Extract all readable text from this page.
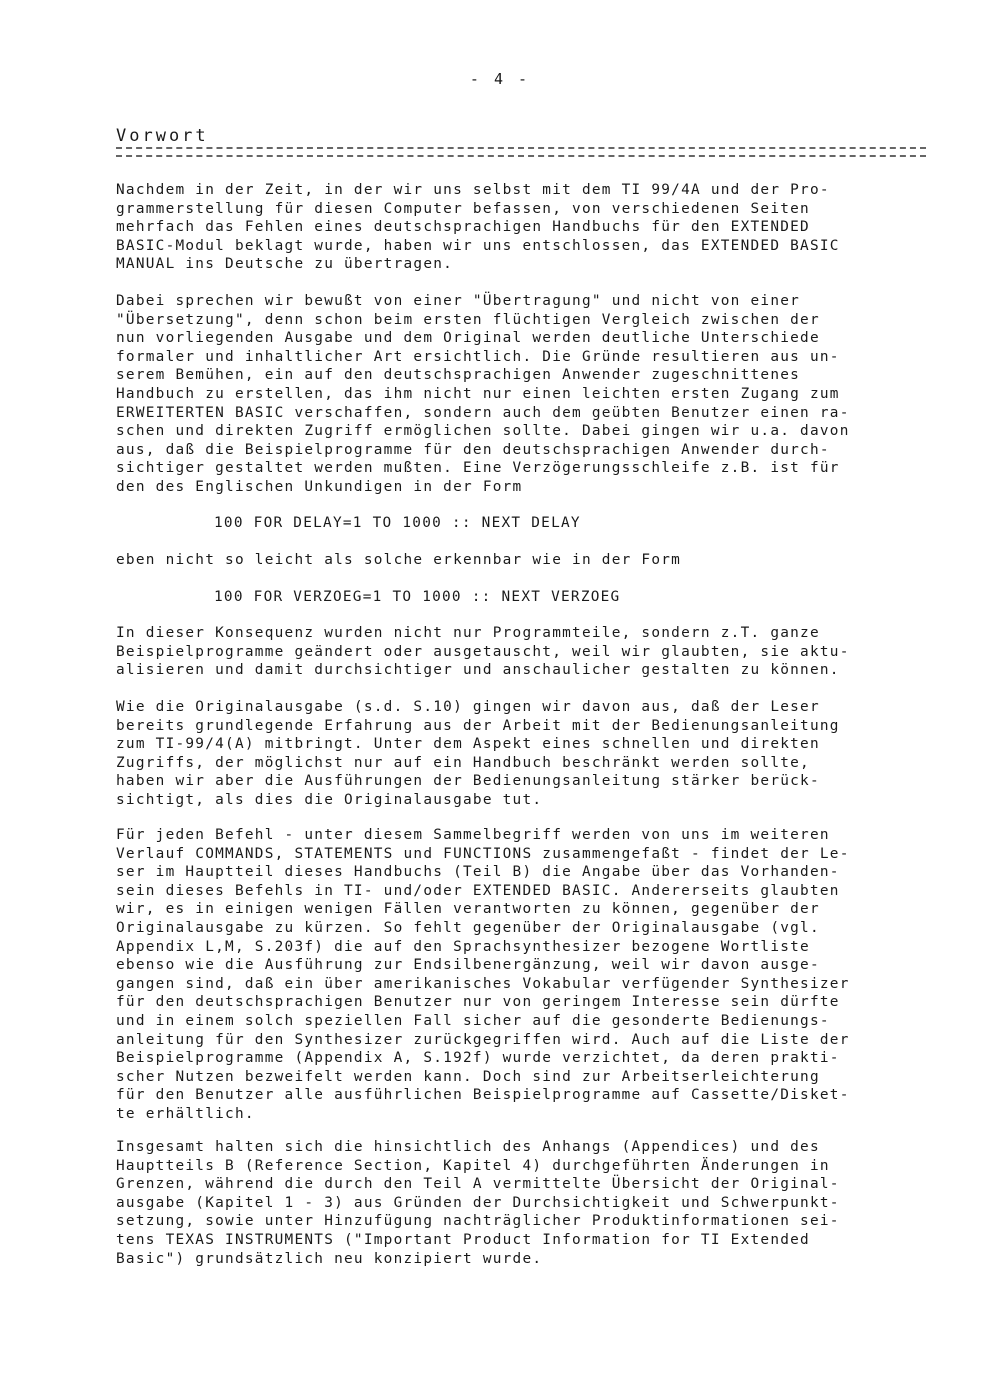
- 4 -
Vorwort

Nachdem in der Zeit, in der wir uns selbst mit dem TI 99/4A und der Pro-
grammerstellung für diesen Computer befassen, von verschiedenen Seiten
mehrfach das Fehlen eines deutschsprachigen Handbuchs für den EXTENDED
BASIC-Modul beklagt wurde, haben wir uns entschlossen, das EXTENDED BASIC
MANUAL ins Deutsche zu übertragen.

Dabei sprechen wir bewußt von einer "Übertragung" und nicht von einer
"Übersetzung", denn schon beim ersten flüchtigen Vergleich zwischen der
nun vorliegenden Ausgabe und dem Original werden deutliche Unterschiede
formaler und inhaltlicher Art ersichtlich. Die Gründe resultieren aus un-
serem Bemühen, ein auf den deutschsprachigen Anwender zugeschnittenes
Handbuch zu erstellen, das ihm nicht nur einen leichten ersten Zugang zum
ERWEITERTEN BASIC verschaffen, sondern auch dem geübten Benutzer einen ra-
schen und direkten Zugriff ermöglichen sollte. Dabei gingen wir u.a. davon
aus, daß die Beispielprogramme für den deutschsprachigen Anwender durch-
sichtiger gestaltet werden mußten. Eine Verzögerungsschleife z.B. ist für
den des Englischen Unkundigen in der Form

100 FOR DELAY=1 TO 1000 :: NEXT DELAY

eben nicht so leicht als solche erkennbar wie in der Form

100 FOR VERZOEG=1 TO 1000 :: NEXT VERZOEG

In dieser Konsequenz wurden nicht nur Programmteile, sondern z.T. ganze
Beispielprogramme geändert oder ausgetauscht, weil wir glaubten, sie aktu-
alisieren und damit durchsichtiger und anschaulicher gestalten zu können.

Wie die Originalausgabe (s.d. S.10) gingen wir davon aus, daß der Leser
bereits grundlegende Erfahrung aus der Arbeit mit der Bedienungsanleitung
zum TI-99/4(A) mitbringt. Unter dem Aspekt eines schnellen und direkten
Zugriffs, der möglichst nur auf ein Handbuch beschränkt werden sollte,
haben wir aber die Ausführungen der Bedienungsanleitung stärker berück-
sichtigt, als dies die Originalausgabe tut.

Für jeden Befehl - unter diesem Sammelbegriff werden von uns im weiteren
Verlauf COMMANDS, STATEMENTS und FUNCTIONS zusammengefaßt - findet der Le-
ser im Hauptteil dieses Handbuchs (Teil B) die Angabe über das Vorhanden-
sein dieses Befehls in TI- und/oder EXTENDED BASIC. Andererseits glaubten
wir, es in einigen wenigen Fällen verantworten zu können, gegenüber der
Originalausgabe zu kürzen. So fehlt gegenüber der Originalausgabe (vgl.
Appendix L,M, S.203f) die auf den Sprachsynthesizer bezogene Wortliste
ebenso wie die Ausführung zur Endsilbenergänzung, weil wir davon ausge-
gangen sind, daß ein über amerikanisches Vokabular verfügender Synthesizer
für den deutschsprachigen Benutzer nur von geringem Interesse sein dürfte
und in einem solch speziellen Fall sicher auf die gesonderte Bedienungs-
anleitung für den Synthesizer zurückgegriffen wird. Auch auf die Liste der
Beispielprogramme (Appendix A, S.192f) wurde verzichtet, da deren prakti-
scher Nutzen bezweifelt werden kann. Doch sind zur Arbeitserleichterung
für den Benutzer alle ausführlichen Beispielprogramme auf Cassette/Disket-
te erhältlich.

Insgesamt halten sich die hinsichtlich des Anhangs (Appendices) und des
Hauptteils B (Reference Section, Kapitel 4) durchgeführten Änderungen in
Grenzen, während die durch den Teil A vermittelte Übersicht der Original-
ausgabe (Kapitel 1 - 3) aus Gründen der Durchsichtigkeit und Schwerpunkt-
setzung, sowie unter Hinzufügung nachträglicher Produktinformationen sei-
tens TEXAS INSTRUMENTS ("Important Product Information for TI Extended
Basic") grundsätzlich neu konzipiert wurde.
